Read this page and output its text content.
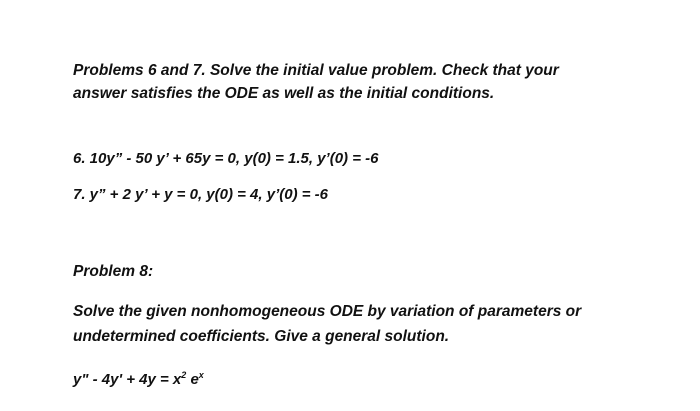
Problems 6 and 7. Solve the initial value problem. Check that your
answer satisfies the ODE as well as the initial conditions.
6. 10y” - 50 y’ + 65y = 0, y(0) = 1.5, y’(0) = -6
7. y” + 2 y’ + y = 0, y(0) = 4, y’(0) = -6
Problem 8:
Solve the given nonhomogeneous ODE by variation of parameters or
undetermined coefficients. Give a general solution.
y" - $4y' + 4y = x^2$ $e^x$
